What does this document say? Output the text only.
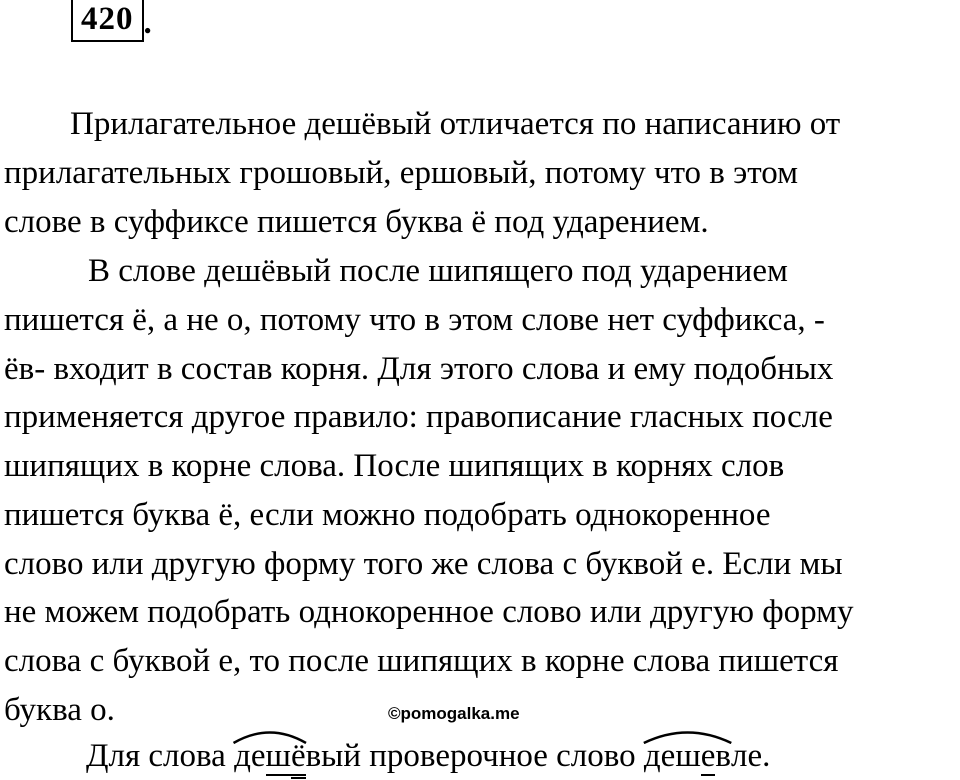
420 .
Прилагательное дешёвый отличается по написанию от
прилагательных грошовый, ершовый, потому что в этом
слове в суффиксе пишется буква ё под ударением.
В слове дешёвый после шипящего под ударением
пишется ё, а не о, потому что в этом слове нет суффикса, -
ёв- входит в состав корня. Для этого слова и ему подобных
применяется другое правило: правописание гласных после
шипящих в корне слова. После шипящих в корнях слов
пишется буква ё, если можно подобрать однокоренное
слово или другую форму того же слова с буквой е. Если мы
не можем подобрать однокоренное слово или другую форму
слова с буквой е, то после шипящих в корне слова пишется
буква о.	©pomogalka.me
Для слова
дешёвый проверочное слово
дешевле.
